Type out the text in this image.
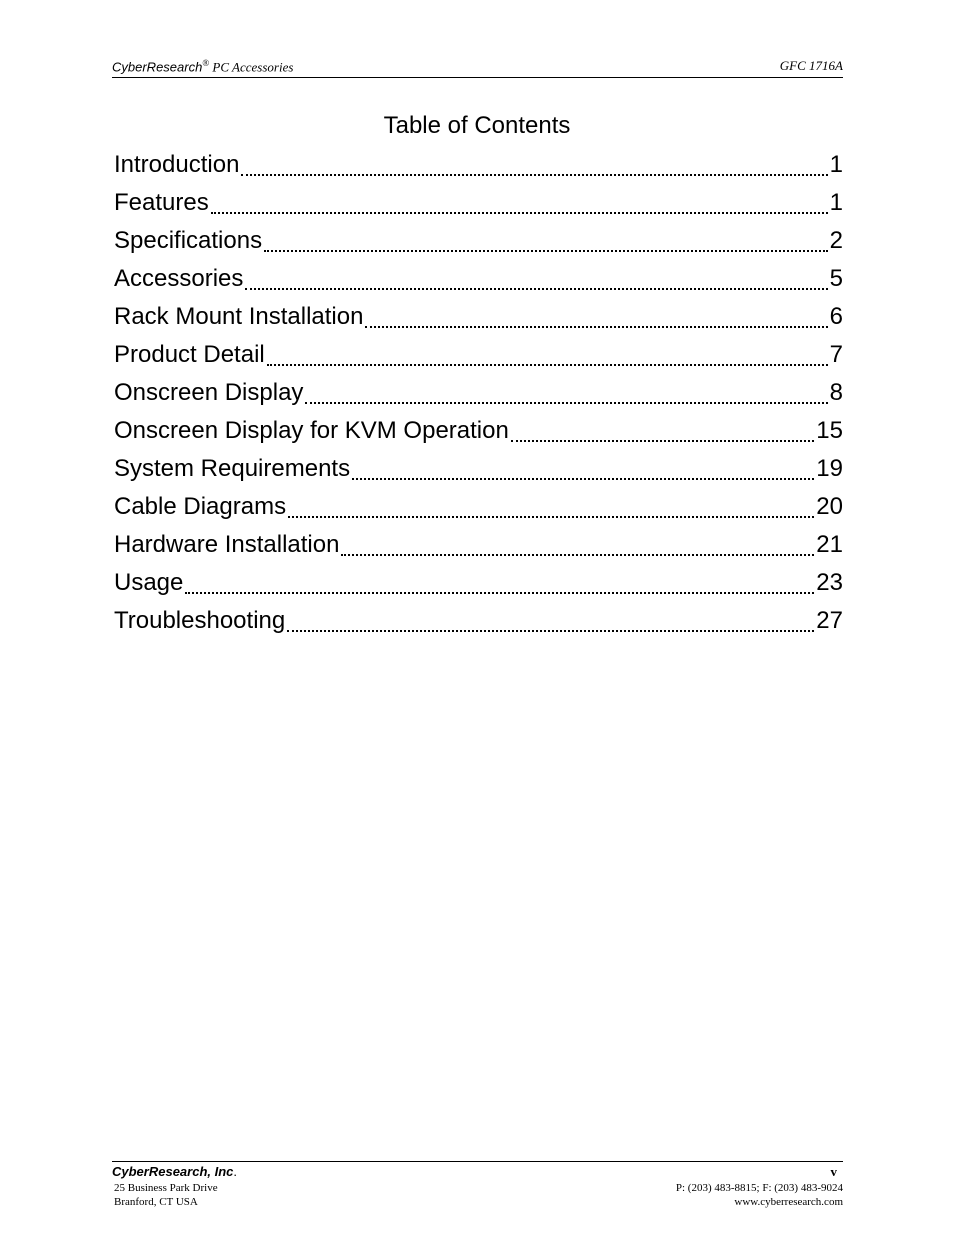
CyberResearch® PC Accessories	GFC 1716A
Table of Contents
Introduction	1
Features	1
Specifications	2
Accessories	5
Rack Mount Installation	6
Product Detail	7
Onscreen Display	8
Onscreen Display for KVM Operation	15
System Requirements	19
Cable Diagrams	20
Hardware Installation	21
Usage	23
Troubleshooting	27
CyberResearch, Inc.
25 Business Park Drive
Branford, CT USA
v
P: (203) 483-8815; F: (203) 483-9024
www.cyberresearch.com
